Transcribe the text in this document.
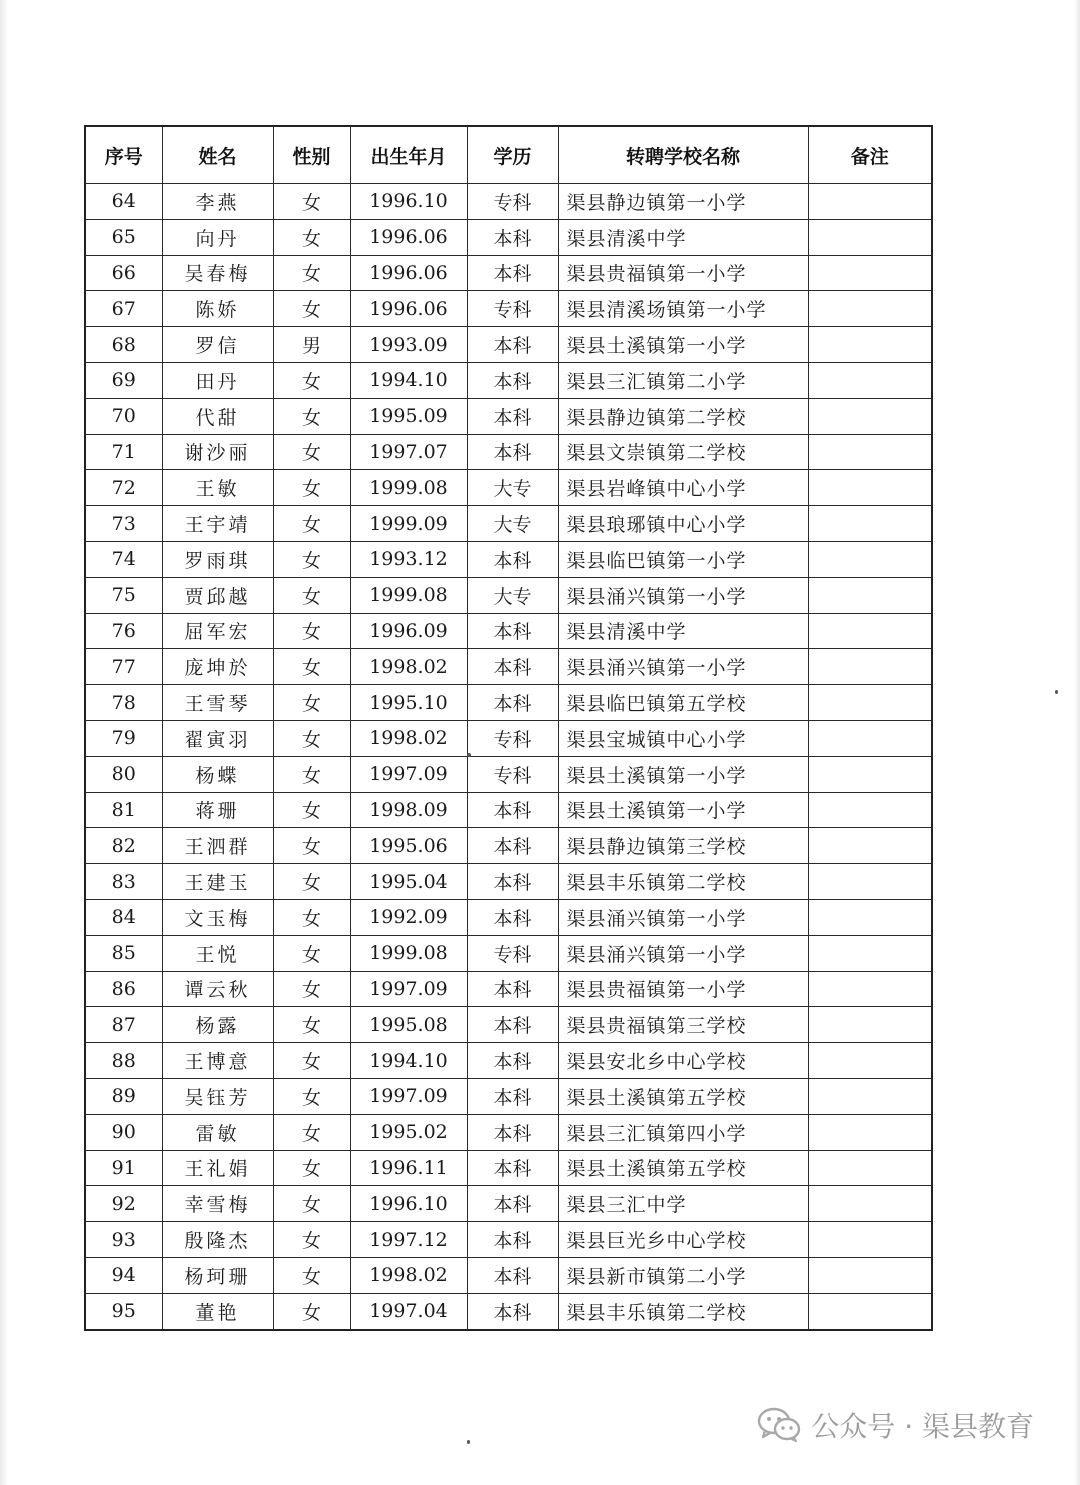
序号	姓名	性别	出生年月	学历	转聘学校名称	备注
64	李燕	女	1996.10	专科	渠县静边镇第一小学	
65	向丹	女	1996.06	本科	渠县清溪中学	
66	吴春梅	女	1996.06	本科	渠县贵福镇第一小学	
67	陈娇	女	1996.06	专科	渠县清溪场镇第一小学	
68	罗信	男	1993.09	本科	渠县土溪镇第一小学	
69	田丹	女	1994.10	本科	渠县三汇镇第二小学	
70	代甜	女	1995.09	本科	渠县静边镇第二学校	
71	谢沙丽	女	1997.07	本科	渠县文崇镇第二学校	
72	王敏	女	1999.08	大专	渠县岩峰镇中心小学	
73	王宇靖	女	1999.09	大专	渠县琅琊镇中心小学	
74	罗雨琪	女	1993.12	本科	渠县临巴镇第一小学	
75	贾邱越	女	1999.08	大专	渠县涌兴镇第一小学	
76	屈军宏	女	1996.09	本科	渠县清溪中学	
77	庞坤於	女	1998.02	本科	渠县涌兴镇第一小学	
78	王雪琴	女	1995.10	本科	渠县临巴镇第五学校	
79	翟寅羽	女	1998.02	专科	渠县宝城镇中心小学	
80	杨蝶	女	1997.09	专科	渠县土溪镇第一小学	
81	蒋珊	女	1998.09	本科	渠县土溪镇第一小学	
82	王泗群	女	1995.06	本科	渠县静边镇第三学校	
83	王建玉	女	1995.04	本科	渠县丰乐镇第二学校	
84	文玉梅	女	1992.09	本科	渠县涌兴镇第一小学	
85	王悦	女	1999.08	专科	渠县涌兴镇第一小学	
86	谭云秋	女	1997.09	本科	渠县贵福镇第一小学	
87	杨露	女	1995.08	本科	渠县贵福镇第三学校	
88	王博意	女	1994.10	本科	渠县安北乡中心学校	
89	吴钰芳	女	1997.09	本科	渠县土溪镇第五学校	
90	雷敏	女	1995.02	本科	渠县三汇镇第四小学	
91	王礼娟	女	1996.11	本科	渠县土溪镇第五学校	
92	幸雪梅	女	1996.10	本科	渠县三汇中学	
93	殷隆杰	女	1997.12	本科	渠县巨光乡中心学校	
94	杨珂珊	女	1998.02	本科	渠县新市镇第二小学	
95	董艳	女	1997.04	本科	渠县丰乐镇第二学校	
公众号 · 渠县教育
